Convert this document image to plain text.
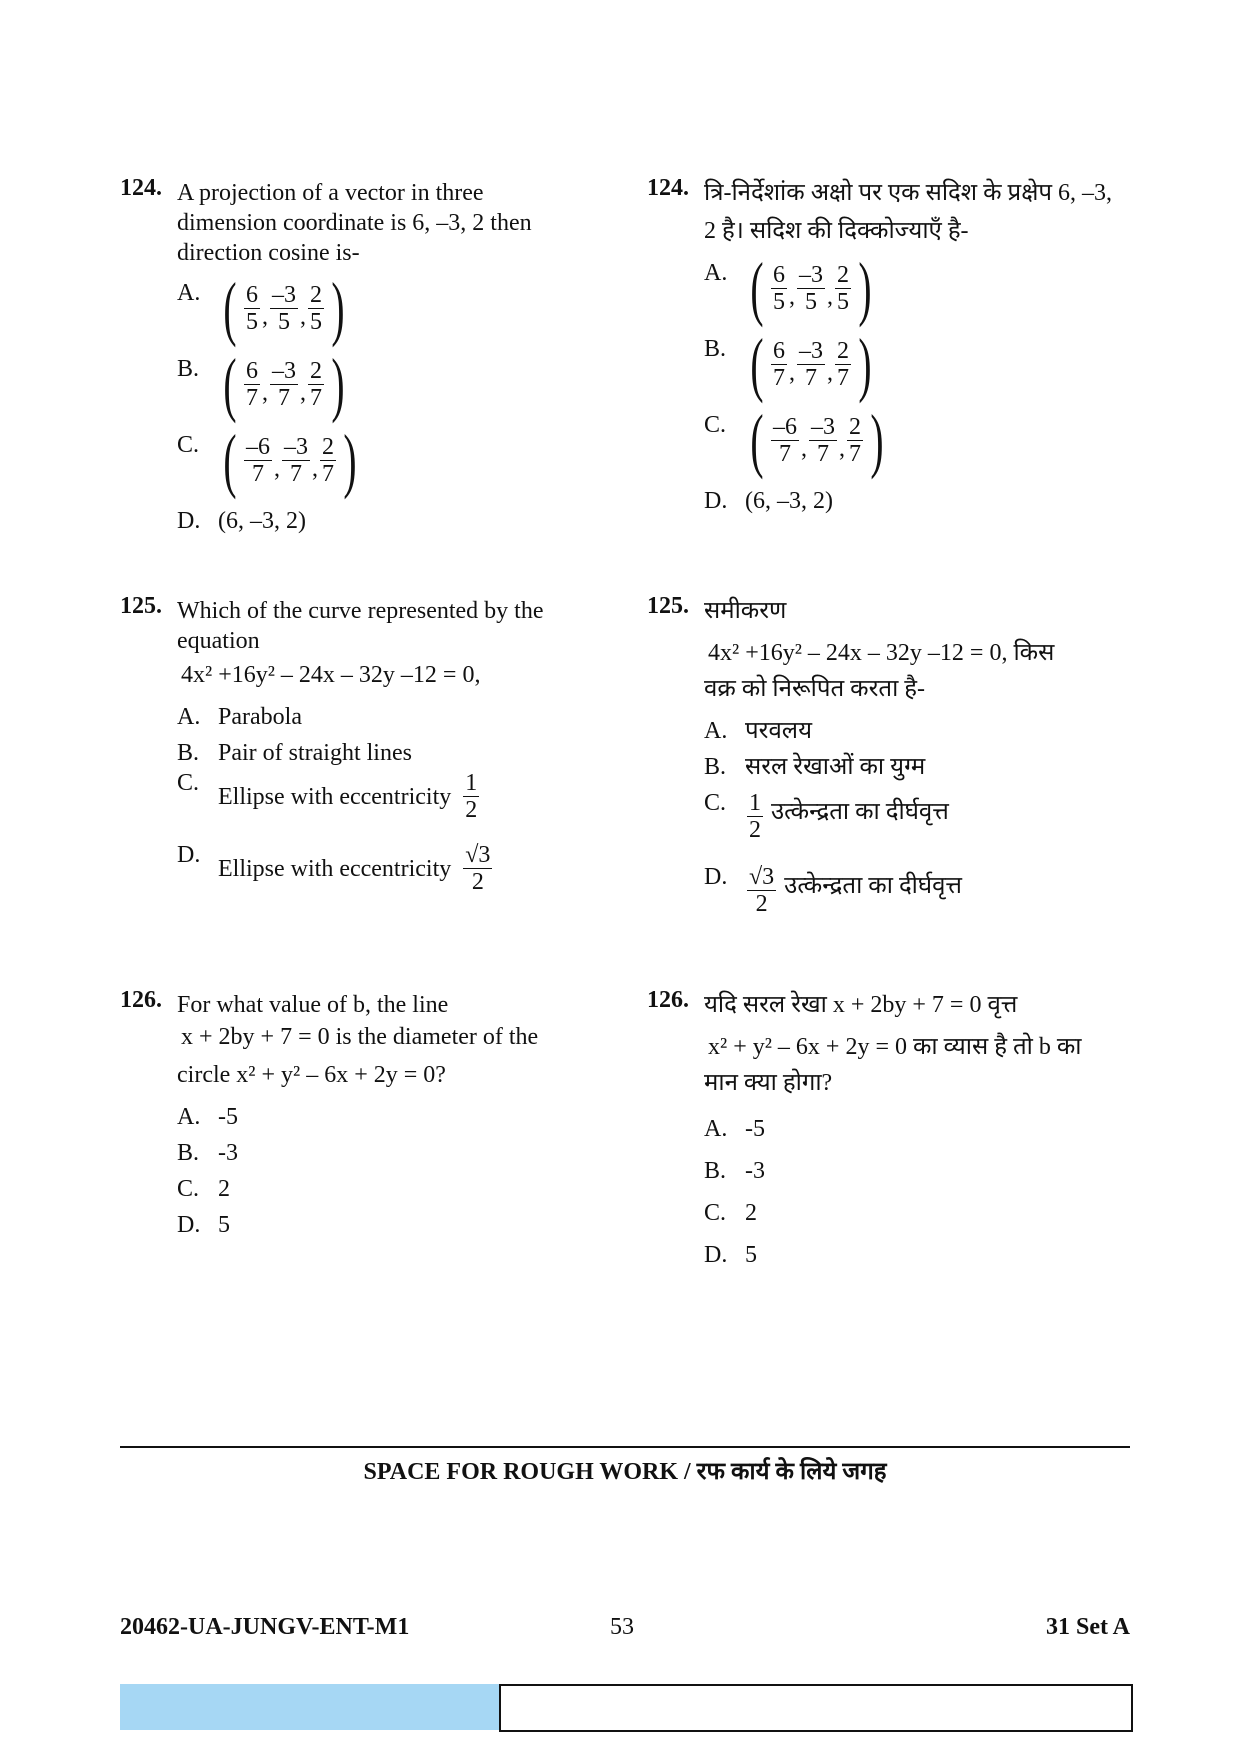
124. A projection of a vector in three
dimension coordinate is 6, –3, 2 then
direction cosine is-
A. ( $\frac{6}{5}$ , $\frac{-3}{5}$ , $\frac{2}{5}$ )
B. ( $\frac{6}{7}$ , $\frac{-3}{7}$ , $\frac{2}{7}$ )
C. ( $\frac{-6}{7}$ , $\frac{-3}{7}$ , $\frac{2}{7}$ )
D. (6, –3, 2)
125. Which of the curve represented by the
equation
4x² +16y² – 24x – 32y –12 = 0,
A. Parabola
B. Pair of straight lines
C.
Ellipse with eccentricity $\frac{1}{2}$
D.
Ellipse with eccentricity $\frac{√3}{2}$
126. For what value of b, the line
x + 2by + 7 = 0 is the diameter of the
circle x² + y² – 6x + 2y = 0?
A. -5
B. -3
C. 2
D. 5
124. त्रि-निर्देशांक अक्षो पर एक सदिश के प्रक्षेप 6, –3,
2 है। सदिश की दिक्कोज्याएँ है-
A. ( $\frac{6}{5}$ , $\frac{-3}{5}$ , $\frac{2}{5}$ )
B. ( $\frac{6}{7}$ , $\frac{-3}{7}$ , $\frac{2}{7}$ )
C. ( $\frac{-6}{7}$ , $\frac{-3}{7}$ , $\frac{2}{7}$ )
D. (6, –3, 2)
125. समीकरण
4x² +16y² – 24x – 32y –12 = 0, किस
वक्र को निरूपित करता है-
A. परवलय
B. सरल रेखाओं का युग्म
C. $\frac{1}{2}$ उत्केन्द्रता का दीर्घवृत्त
D. $\frac{√3}{2}$ उत्केन्द्रता का दीर्घवृत्त
126. यदि सरल रेखा x + 2by + 7 = 0 वृत्त
x² + y² – 6x + 2y = 0 का व्यास है तो b का
मान क्या होगा?
A. -5
B. -3
C. 2
D. 5
SPACE FOR ROUGH WORK / रफ कार्य के लिये जगह
20462-UA-JUNGV-ENT-M1	53	31 Set A
